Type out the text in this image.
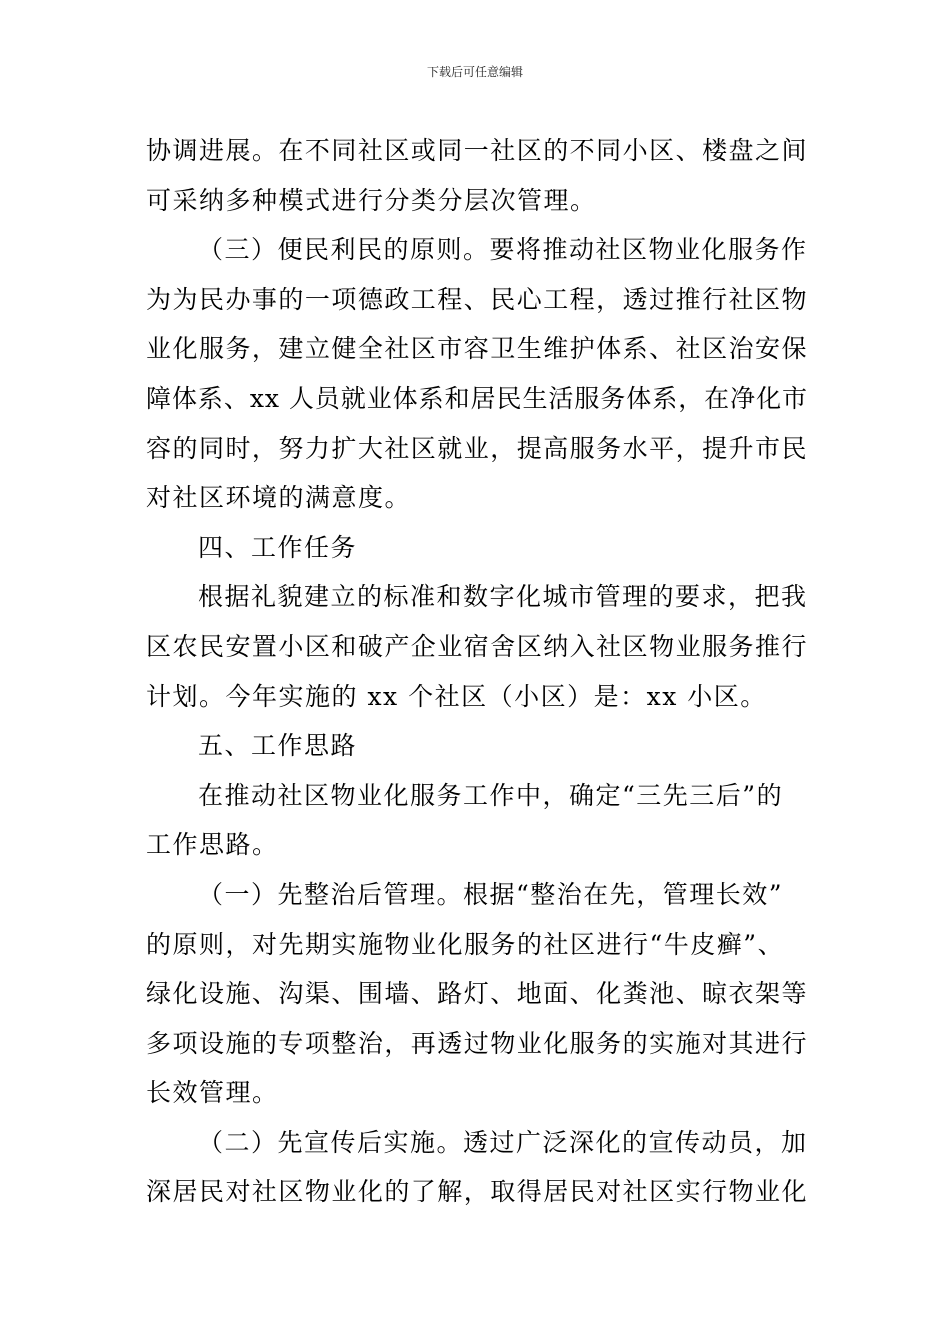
下载后可任意编辑
协调进展。在不同社区或同一社区的不同小区、楼盘之间
可采纳多种模式进行分类分层次管理。
（三）便民利民的原则。要将推动社区物业化服务作
为为民办事的一项德政工程、民心工程，透过推行社区物
业化服务，建立健全社区市容卫生维护体系、社区治安保
障体系、xx 人员就业体系和居民生活服务体系，在净化市
容的同时，努力扩大社区就业，提高服务水平，提升市民
对社区环境的满意度。
四、工作任务
根据礼貌建立的标准和数字化城市管理的要求，把我
区农民安置小区和破产企业宿舍区纳入社区物业服务推行
计划。今年实施的 xx 个社区（小区）是：xx 小区。
五、工作思路
在推动社区物业化服务工作中，确定“三先三后”的
工作思路。
（一）先整治后管理。根据“整治在先，管理长效”
的原则，对先期实施物业化服务的社区进行“牛皮癣”、
绿化设施、沟渠、围墙、路灯、地面、化粪池、晾衣架等
多项设施的专项整治，再透过物业化服务的实施对其进行
长效管理。
（二）先宣传后实施。透过广泛深化的宣传动员，加
深居民对社区物业化的了解，取得居民对社区实行物业化
